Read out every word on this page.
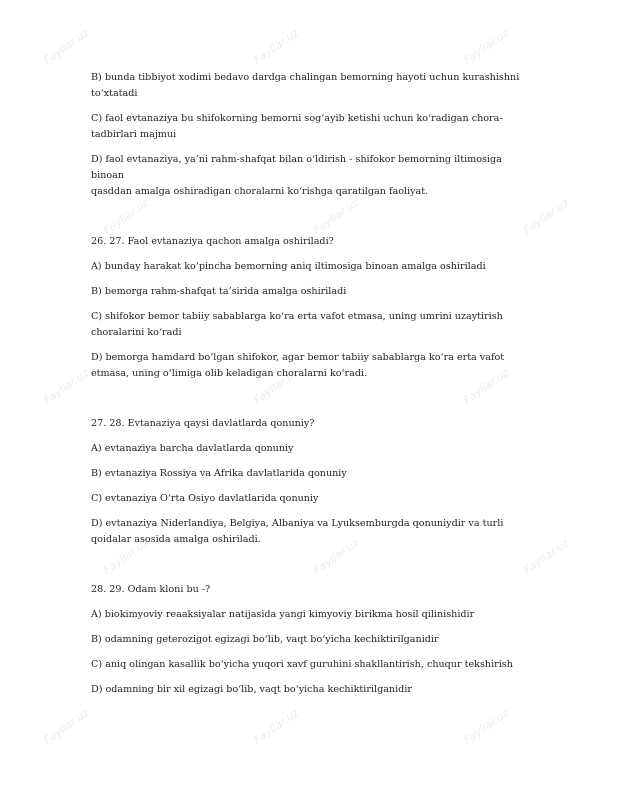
Fayllar.uz	Fayllar.uz	Fayllar.uz
Fayllar.uz	Fayllar.uz	Fayllar.uz
Fayllar.uz	Fayllar.uz	Fayllar.uz
Fayllar.uz	Fayllar.uz	Fayllar.uz
Fayllar.uz	Fayllar.uz	Fayllar.uz

B) bunda tibbiyot xodimi bedavo dardga chalingan bemorning hayoti uchun kurashishni

to‘xtatadi

C) faol evtanaziya bu shifokorning bemorni sog‘ayib ketishi uchun ko‘radigan chora-

tadbirlari majmui

D) faol evtanaziya, ya’ni rahm-shafqat bilan o‘ldirish - shifokor bemorning iltimosiga binoan

qasddan amalga oshiradigan choralarni ko‘rishga qaratilgan faoliyat.

26. 27. Faol evtanaziya qachon amalga oshiriladi?

A) bunday harakat ko‘pincha bemorning aniq iltimosiga binoan amalga oshiriladi

B) bemorga rahm-shafqat ta’sirida amalga oshiriladi

C) shifokor bemor tabiiy sabablarga ko‘ra erta vafot etmasa, uning umrini uzaytirish

choralarini ko‘radi

D) bemorga hamdard bo‘lgan shifokor, agar bemor tabiiy sabablarga ko‘ra erta vafot

etmasa, uning o‘limiga olib keladigan choralarni ko‘radi.

27. 28. Evtanaziya qaysi davlatlarda qonuniy?

A) evtanaziya barcha davlatlarda qonuniy

B) evtanaziya Rossiya va Afrika davlatlarida qonuniy

C) evtanaziya O‘rta Osiyo davlatlarida qonuniy

D) evtanaziya Niderlandiya, Belgiya, Albaniya va Lyuksemburgda qonuniydir va turli

qoidalar asosida amalga oshiriladi.

28. 29. Odam kloni bu -?

A) biokimyoviy reaaksiyalar natijasida yangi kimyoviy birikma hosil qilinishidir

B) odamning geterozigot egizagi bo‘lib, vaqt bo‘yicha kechiktirilganidir

C) aniq olingan kasallik bo‘yicha yuqori xavf guruhini shakllantirish, chuqur tekshirish

D) odamning bir xil egizagi bo‘lib, vaqt bo‘yicha kechiktirilganidir
